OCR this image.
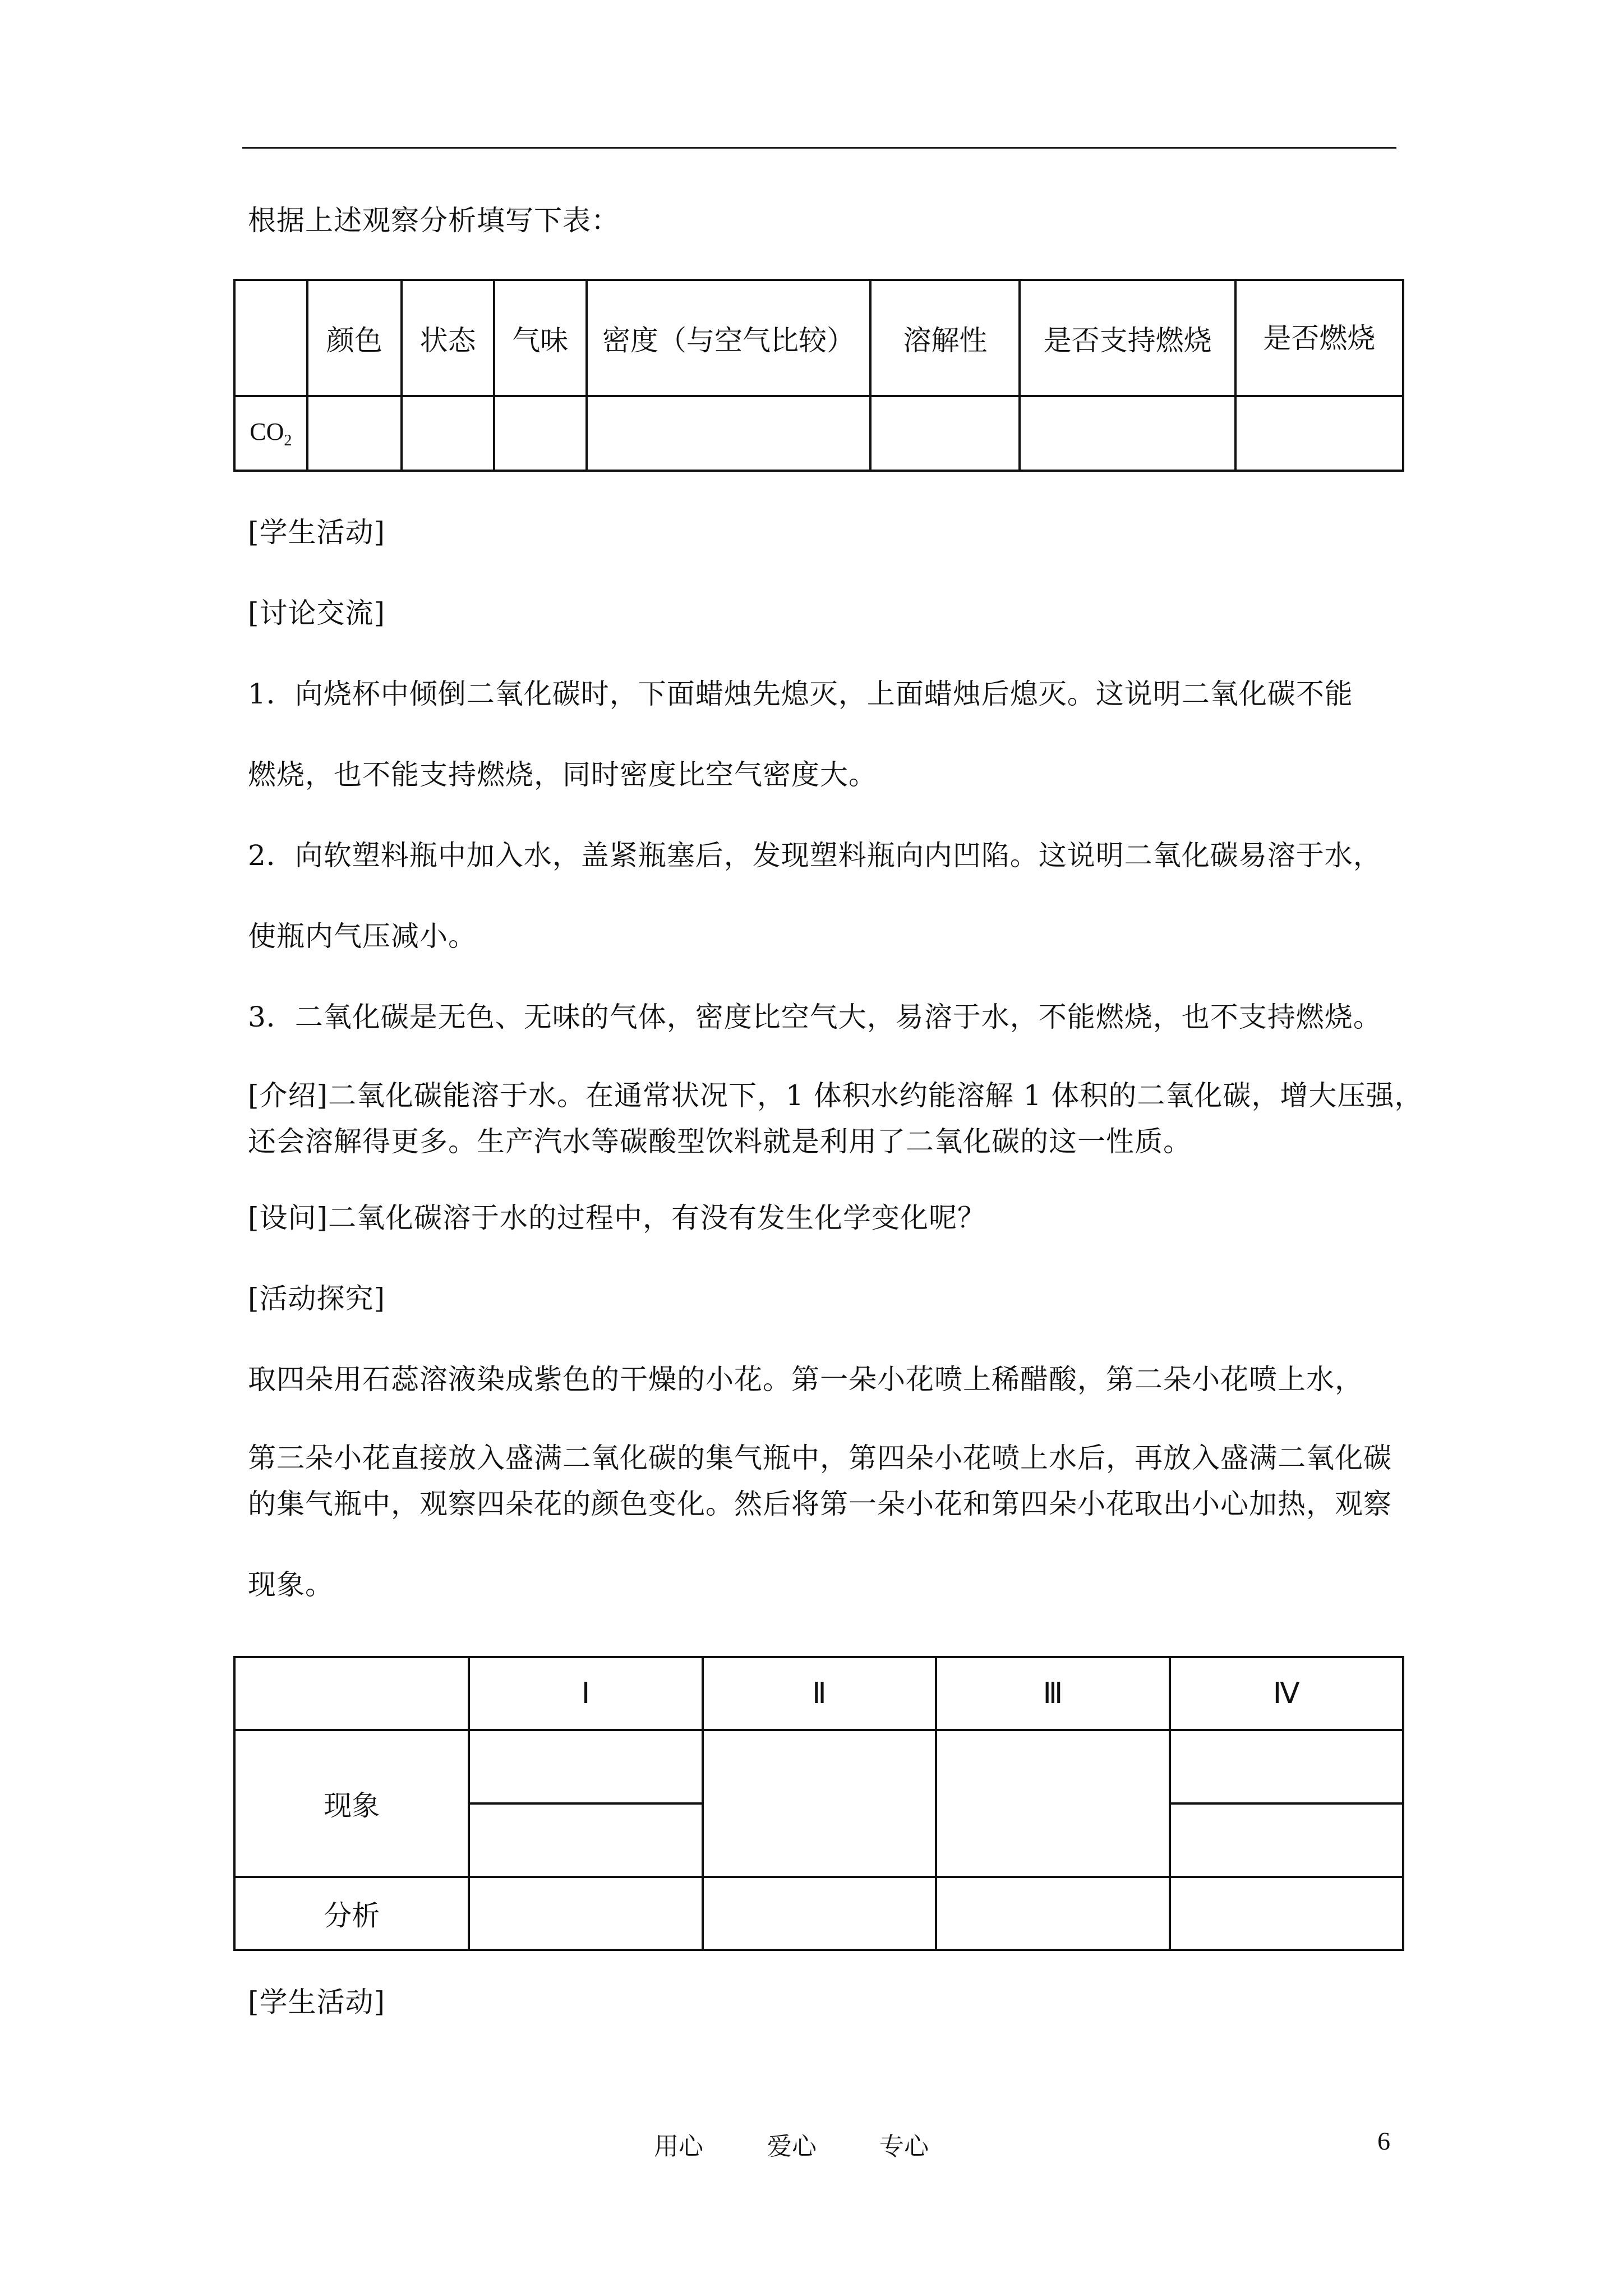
根据上述观察分析填写下表：
	颜色	状态	气味	密度（与空气比较）	溶解性	是否支持燃烧	是否燃烧
$CO_2$							
[学生活动]
[讨论交流]
1．向烧杯中倾倒二氧化碳时，下面蜡烛先熄灭，上面蜡烛后熄灭。这说明二氧化碳不能
燃烧，也不能支持燃烧，同时密度比空气密度大。
2．向软塑料瓶中加入水，盖紧瓶塞后，发现塑料瓶向内凹陷。这说明二氧化碳易溶于水，
使瓶内气压减小。
3．二氧化碳是无色、无味的气体，密度比空气大，易溶于水，不能燃烧，也不支持燃烧。
[介绍]二氧化碳能溶于水。在通常状况下，1 体积水约能溶解 1 体积的二氧化碳，增大压强，
还会溶解得更多。生产汽水等碳酸型饮料就是利用了二氧化碳的这一性质。
[设问]二氧化碳溶于水的过程中，有没有发生化学变化呢？
[活动探究]
取四朵用石蕊溶液染成紫色的干燥的小花。第一朵小花喷上稀醋酸，第二朵小花喷上水，
第三朵小花直接放入盛满二氧化碳的集气瓶中，第四朵小花喷上水后，再放入盛满二氧化碳
的集气瓶中，观察四朵花的颜色变化。然后将第一朵小花和第四朵小花取出小心加热，观察
现象。
	Ⅰ	Ⅱ	Ⅲ	Ⅳ
现象				

分析				
[学生活动]
用心	爱心	专心	6
